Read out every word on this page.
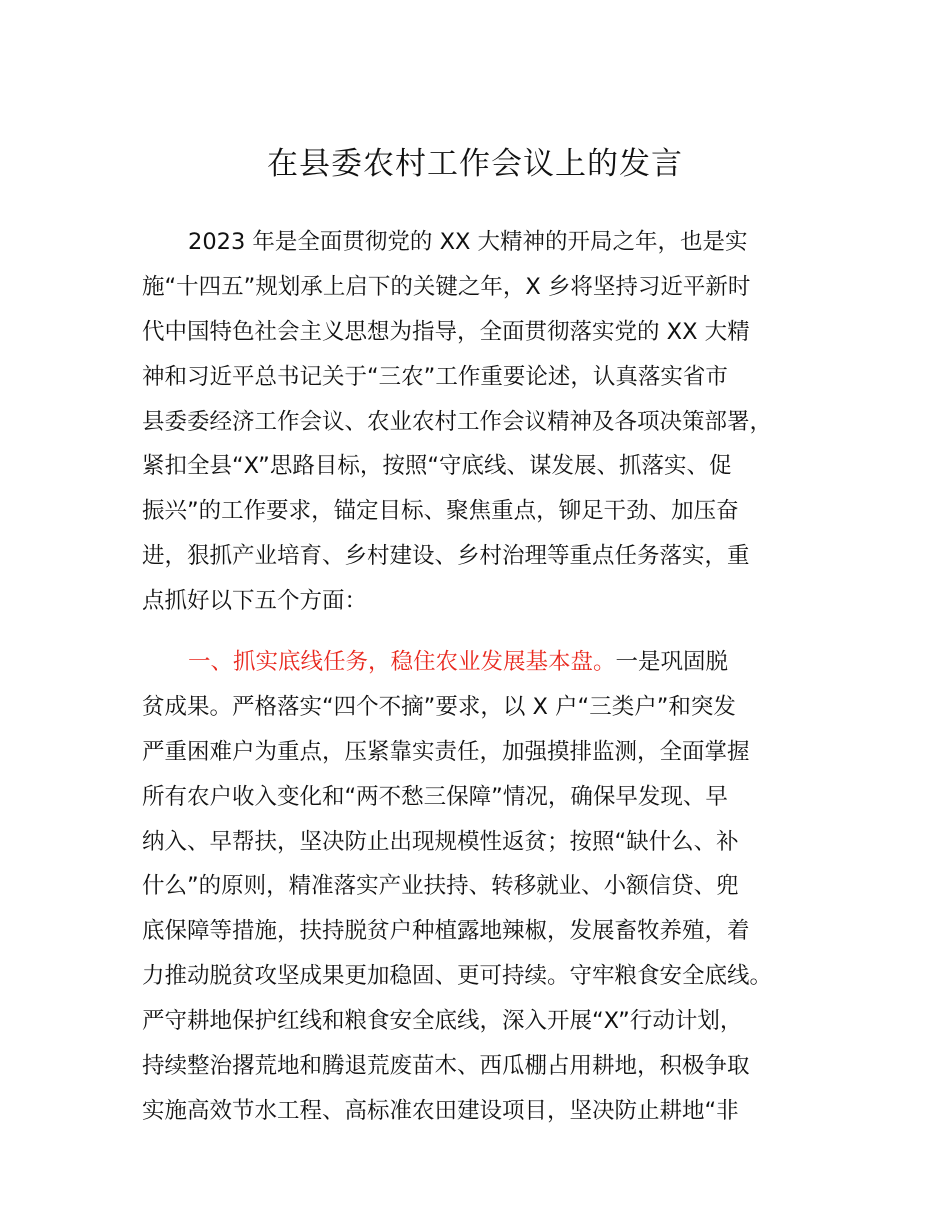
在县委农村工作会议上的发言
2023 年是全面贯彻党的 XX 大精神的开局之年，也是实
施“十四五”规划承上启下的关键之年，X 乡将坚持习近平新时
代中国特色社会主义思想为指导，全面贯彻落实党的 XX 大精
神和习近平总书记关于“三农”工作重要论述，认真落实省市
县委委经济工作会议、农业农村工作会议精神及各项决策部署，
紧扣全县“X”思路目标，按照“守底线、谋发展、抓落实、促
振兴”的工作要求，锚定目标、聚焦重点，铆足干劲、加压奋
进，狠抓产业培育、乡村建设、乡村治理等重点任务落实，重
点抓好以下五个方面：
一、抓实底线任务，稳住农业发展基本盘。一是巩固脱
贫成果。严格落实“四个不摘”要求，以 X 户“三类户”和突发
严重困难户为重点，压紧靠实责任，加强摸排监测，全面掌握
所有农户收入变化和“两不愁三保障”情况，确保早发现、早
纳入、早帮扶，坚决防止出现规模性返贫；按照“缺什么、补
什么”的原则，精准落实产业扶持、转移就业、小额信贷、兜
底保障等措施，扶持脱贫户种植露地辣椒，发展畜牧养殖，着
力推动脱贫攻坚成果更加稳固、更可持续。守牢粮食安全底线。
严守耕地保护红线和粮食安全底线，深入开展“X”行动计划，
持续整治撂荒地和腾退荒废苗木、西瓜棚占用耕地，积极争取
实施高效节水工程、高标准农田建设项目，坚决防止耕地“非
